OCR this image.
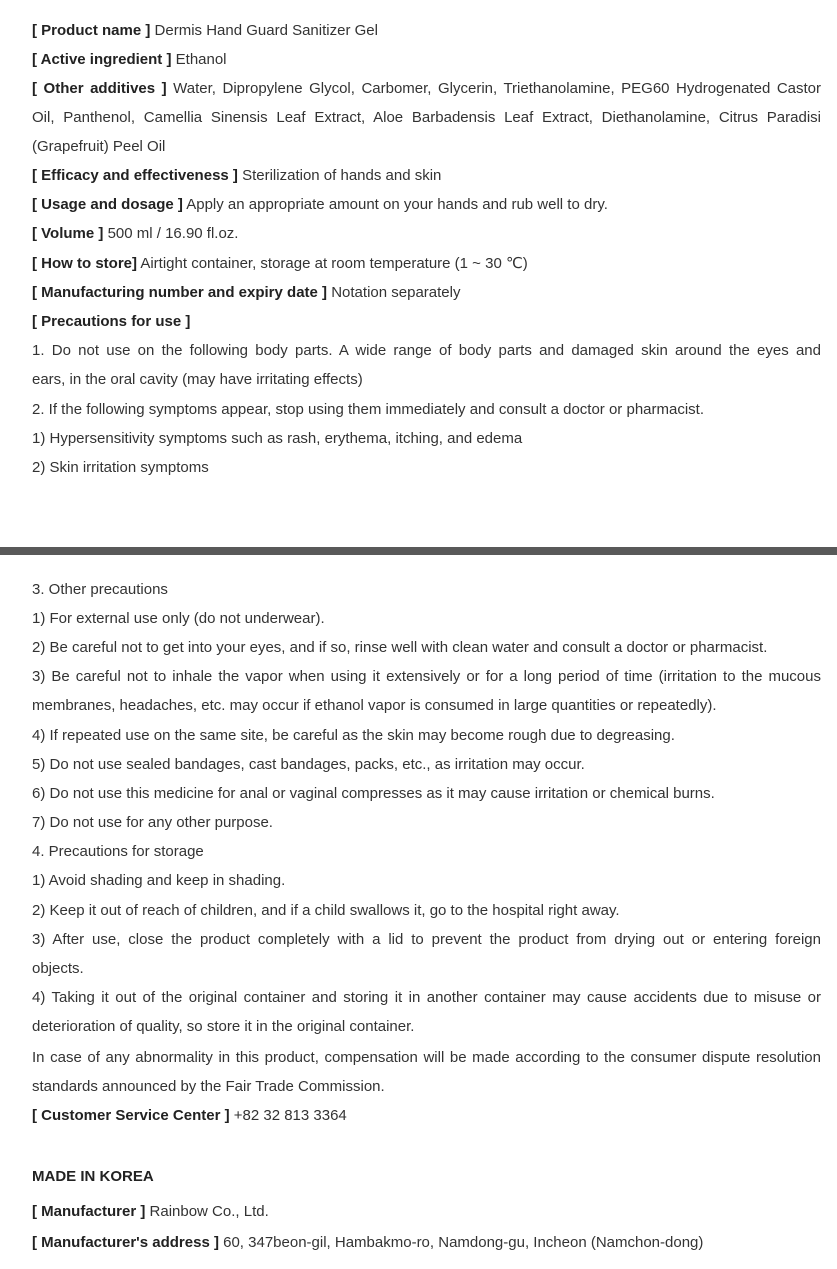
[ Product name ] Dermis Hand Guard Sanitizer Gel
[ Active ingredient ] Ethanol
[ Other additives ] Water, Dipropylene Glycol, Carbomer, Glycerin, Triethanolamine, PEG60 Hydrogenated Castor
Oil, Panthenol, Camellia Sinensis Leaf Extract, Aloe Barbadensis Leaf Extract, Diethanolamine, Citrus Paradisi
(Grapefruit) Peel Oil
[ Efficacy and effectiveness ] Sterilization of hands and skin
[ Usage and dosage ] Apply an appropriate amount on your hands and rub well to dry.
[ Volume ] 500 ml / 16.90 fl.oz.
[ How to store] Airtight container, storage at room temperature (1 ~ 30 ℃)
[ Manufacturing number and expiry date ] Notation separately
[ Precautions for use ]
1. Do not use on the following body parts. A wide range of body parts and damaged skin around the eyes and
ears, in the oral cavity (may have irritating effects)
2. If the following symptoms appear, stop using them immediately and consult a doctor or pharmacist.
1) Hypersensitivity symptoms such as rash, erythema, itching, and edema
2) Skin irritation symptoms
3. Other precautions
1) For external use only (do not underwear).
2) Be careful not to get into your eyes, and if so, rinse well with clean water and consult a doctor or pharmacist.
3) Be careful not to inhale the vapor when using it extensively or for a long period of time (irritation to the mucous
membranes, headaches, etc. may occur if ethanol vapor is consumed in large quantities or repeatedly).
4) If repeated use on the same site, be careful as the skin may become rough due to degreasing.
5) Do not use sealed bandages, cast bandages, packs, etc., as irritation may occur.
6) Do not use this medicine for anal or vaginal compresses as it may cause irritation or chemical burns.
7) Do not use for any other purpose.
4. Precautions for storage
1) Avoid shading and keep in shading.
2) Keep it out of reach of children, and if a child swallows it, go to the hospital right away.
3) After use, close the product completely with a lid to prevent the product from drying out or entering foreign
objects.
4) Taking it out of the original container and storing it in another container may cause accidents due to misuse or
deterioration of quality, so store it in the original container.
In case of any abnormality in this product, compensation will be made according to the consumer dispute resolution
standards announced by the Fair Trade Commission.
[ Customer Service Center ] +82 32 813 3364
MADE IN KOREA
[ Manufacturer ] Rainbow Co., Ltd.
[ Manufacturer's address ] 60, 347beon-gil, Hambakmo-ro, Namdong-gu, Incheon (Namchon-dong)
